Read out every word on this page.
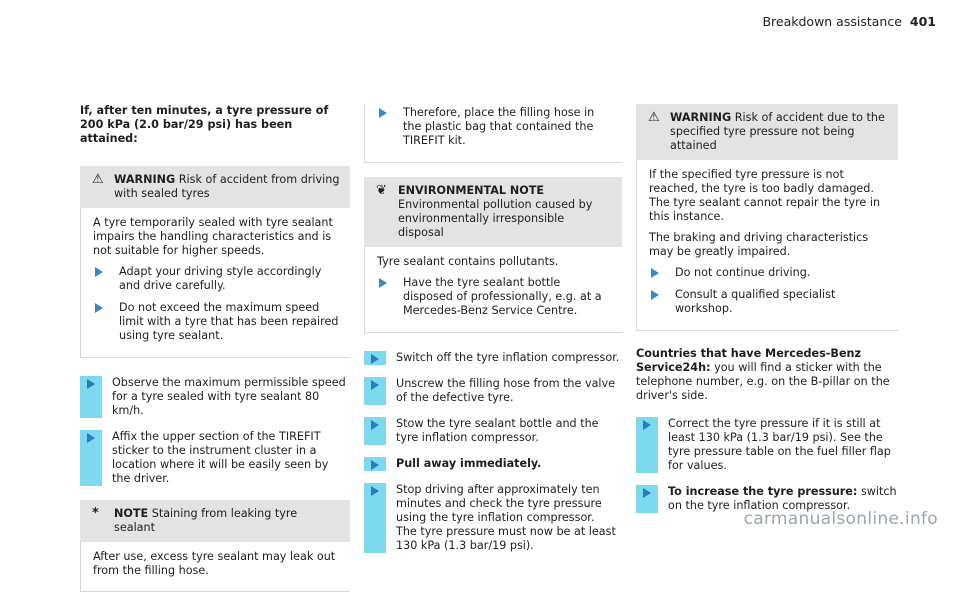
Breakdown assistance 401
If, after ten minutes, a tyre pressure of 200 kPa (2.0 bar/29 psi) has been attained:
⚠ WARNING Risk of accident from driving with sealed tyres

A tyre temporarily sealed with tyre sealant impairs the handling characteristics and is not suitable for higher speeds.

Adapt your driving style accordingly and drive carefully.
Do not exceed the maximum speed limit with a tyre that has been repaired using tyre sealant.
Observe the maximum permissible speed for a tyre sealed with tyre sealant 80 km/h.
Affix the upper section of the TIREFIT sticker to the instrument cluster in a location where it will be easily seen by the driver.
*	NOTE Staining from leaking tyre sealant

After use, excess tyre sealant may leak out from the filling hose.

Therefore, place the filling hose in the plastic bag that contained the TIREFIT kit.
❦ ENVIRONMENTAL NOTE Environmental pollution caused by environmentally irresponsible disposal

Tyre sealant contains pollutants.

Have the tyre sealant bottle disposed of professionally, e.g. at a Mercedes-Benz Service Centre.
Switch off the tyre inflation compressor.
Unscrew the filling hose from the valve of the defective tyre.
Stow the tyre sealant bottle and the tyre inflation compressor.
Pull away immediately.
Stop driving after approximately ten minutes and check the tyre pressure using the tyre inflation compressor.
The tyre pressure must now be at least 130 kPa (1.3 bar/19 psi).
⚠ WARNING Risk of accident due to the specified tyre pressure not being attained

If the specified tyre pressure is not reached, the tyre is too badly damaged. The tyre sealant cannot repair the tyre in this instance.

The braking and driving characteristics may be greatly impaired.

Do not continue driving.
Consult a qualified specialist workshop.
Countries that have Mercedes-Benz Service24h: you will find a sticker with the telephone number, e.g. on the B-pillar on the driver's side.
Correct the tyre pressure if it is still at least 130 kPa (1.3 bar/19 psi). See the tyre pressure table on the fuel filler flap for values.
To increase the tyre pressure: switch on the tyre inflation compressor.
carmanualsonline.info
